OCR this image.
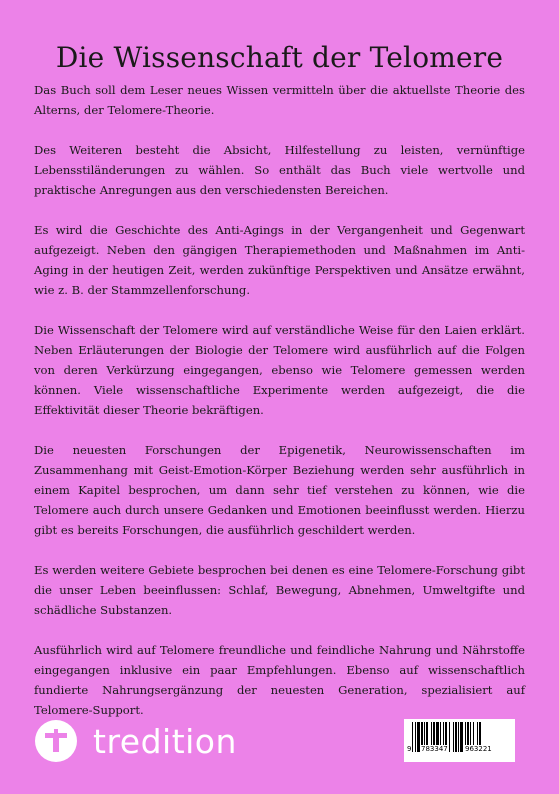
Die Wissenschaft der Telomere

Das Buch soll dem Leser neues Wissen vermitteln über die aktuellste Theorie des Alterns, der Telomere-Theorie.

Des Weiteren besteht die Absicht, Hilfestellung zu leisten, vernünftige Lebensstiländerungen zu wählen. So enthält das Buch viele wertvolle und praktische Anregungen aus den verschiedensten Bereichen.

Es wird die Geschichte des Anti-Agings in der Vergangenheit und Gegenwart aufgezeigt. Neben den gängigen Therapiemethoden und Maßnahmen im Anti-Aging in der heutigen Zeit, werden zukünftige Perspektiven und Ansätze erwähnt, wie z. B. der Stammzellenforschung.

Die Wissenschaft der Telomere wird auf verständliche Weise für den Laien erklärt. Neben Erläuterungen der Biologie der Telomere wird ausführlich auf die Folgen von deren Verkürzung eingegangen, ebenso wie Telomere gemessen werden können. Viele wissenschaftliche Experimente werden aufgezeigt, die die Effektivität dieser Theorie bekräftigen.

Die neuesten Forschungen der Epigenetik, Neurowissenschaften im Zusammenhang mit Geist-Emotion-Körper Beziehung werden sehr ausführlich in einem Kapitel besprochen, um dann sehr tief verstehen zu können, wie die Telomere auch durch unsere Gedanken und Emotionen beeinflusst werden. Hierzu gibt es bereits Forschungen, die ausführlich geschildert werden.

Es werden weitere Gebiete besprochen bei denen es eine Telomere-Forschung gibt die unser Leben beeinflussen: Schlaf, Bewegung, Abnehmen, Umweltgifte und schädliche Substanzen.

Ausführlich wird auf Telomere freundliche und feindliche Nahrung und Nährstoffe eingegangen inklusive ein paar Empfehlungen. Ebenso auf wissenschaftlich fundierte Nahrungsergänzung der neuesten Generation, spezialisiert auf Telomere-Support.

tredition	9 783347 963221
